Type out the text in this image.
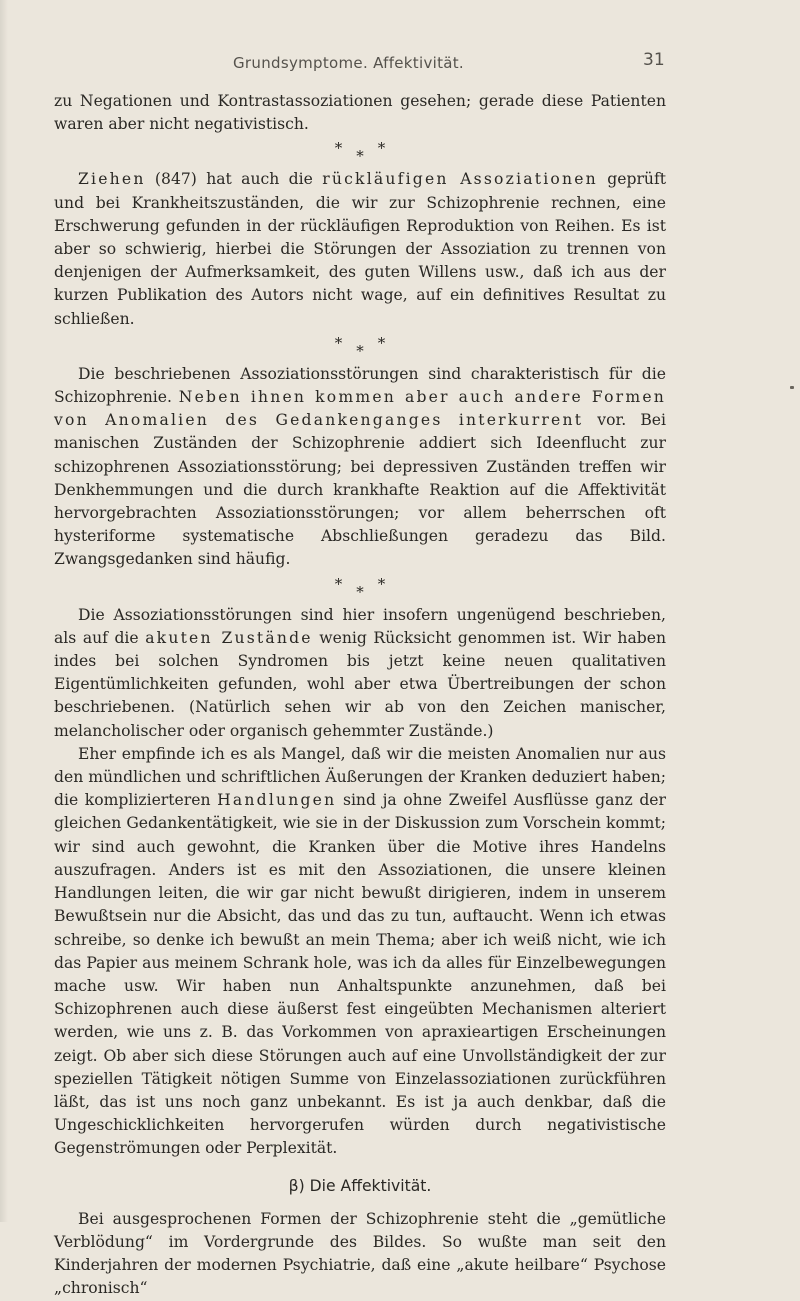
Grundsymptome. Affektivität.	31

zu Negationen und Kontrastassoziationen gesehen; gerade diese Patienten waren aber nicht negativistisch.

* * *

Ziehen (847) hat auch die rückläufigen Assoziationen geprüft und bei Krankheitszuständen, die wir zur Schizophrenie rechnen, eine Erschwerung gefunden in der rückläufigen Reproduktion von Reihen. Es ist aber so schwierig, hierbei die Störungen der Assoziation zu trennen von denjenigen der Aufmerksamkeit, des guten Willens usw., daß ich aus der kurzen Publikation des Autors nicht wage, auf ein definitives Resultat zu schließen.

* * *

Die beschriebenen Assoziationsstörungen sind charakteristisch für die Schizophrenie. Neben ihnen kommen aber auch andere Formen von Anomalien des Gedankenganges interkurrent vor. Bei manischen Zuständen der Schizophrenie addiert sich Ideenflucht zur schizophrenen Assoziationsstörung; bei depressiven Zuständen treffen wir Denkhemmungen und die durch krankhafte Reaktion auf die Affektivität hervorgebrachten Assoziationsstörungen; vor allem beherrschen oft hysteriforme systematische Abschließungen geradezu das Bild. Zwangsgedanken sind häufig.

* * *

Die Assoziationsstörungen sind hier insofern ungenügend beschrieben, als auf die akuten Zustände wenig Rücksicht genommen ist. Wir haben indes bei solchen Syndromen bis jetzt keine neuen qualitativen Eigentümlichkeiten gefunden, wohl aber etwa Übertreibungen der schon beschriebenen. (Natürlich sehen wir ab von den Zeichen manischer, melancholischer oder organisch gehemmter Zustände.)

Eher empfinde ich es als Mangel, daß wir die meisten Anomalien nur aus den mündlichen und schriftlichen Äußerungen der Kranken deduziert haben; die komplizierteren Handlungen sind ja ohne Zweifel Ausflüsse ganz der gleichen Gedankentätigkeit, wie sie in der Diskussion zum Vorschein kommt; wir sind auch gewohnt, die Kranken über die Motive ihres Handelns auszufragen. Anders ist es mit den Assoziationen, die unsere kleinen Handlungen leiten, die wir gar nicht bewußt dirigieren, indem in unserem Bewußtsein nur die Absicht, das und das zu tun, auftaucht. Wenn ich etwas schreibe, so denke ich bewußt an mein Thema; aber ich weiß nicht, wie ich das Papier aus meinem Schrank hole, was ich da alles für Einzelbewegungen mache usw. Wir haben nun Anhaltspunkte anzunehmen, daß bei Schizophrenen auch diese äußerst fest eingeübten Mechanismen alteriert werden, wie uns z. B. das Vorkommen von apraxieartigen Erscheinungen zeigt. Ob aber sich diese Störungen auch auf eine Unvollständigkeit der zur speziellen Tätigkeit nötigen Summe von Einzelassoziationen zurückführen läßt, das ist uns noch ganz unbekannt. Es ist ja auch denkbar, daß die Ungeschicklichkeiten hervorgerufen würden durch negativistische Gegenströmungen oder Perplexität.

β) Die Affektivität.

Bei ausgesprochenen Formen der Schizophrenie steht die „gemütliche Verblödung“ im Vordergrunde des Bildes. So wußte man seit den Kinderjahren der modernen Psychiatrie, daß eine „akute heilbare“ Psychose „chronisch“
